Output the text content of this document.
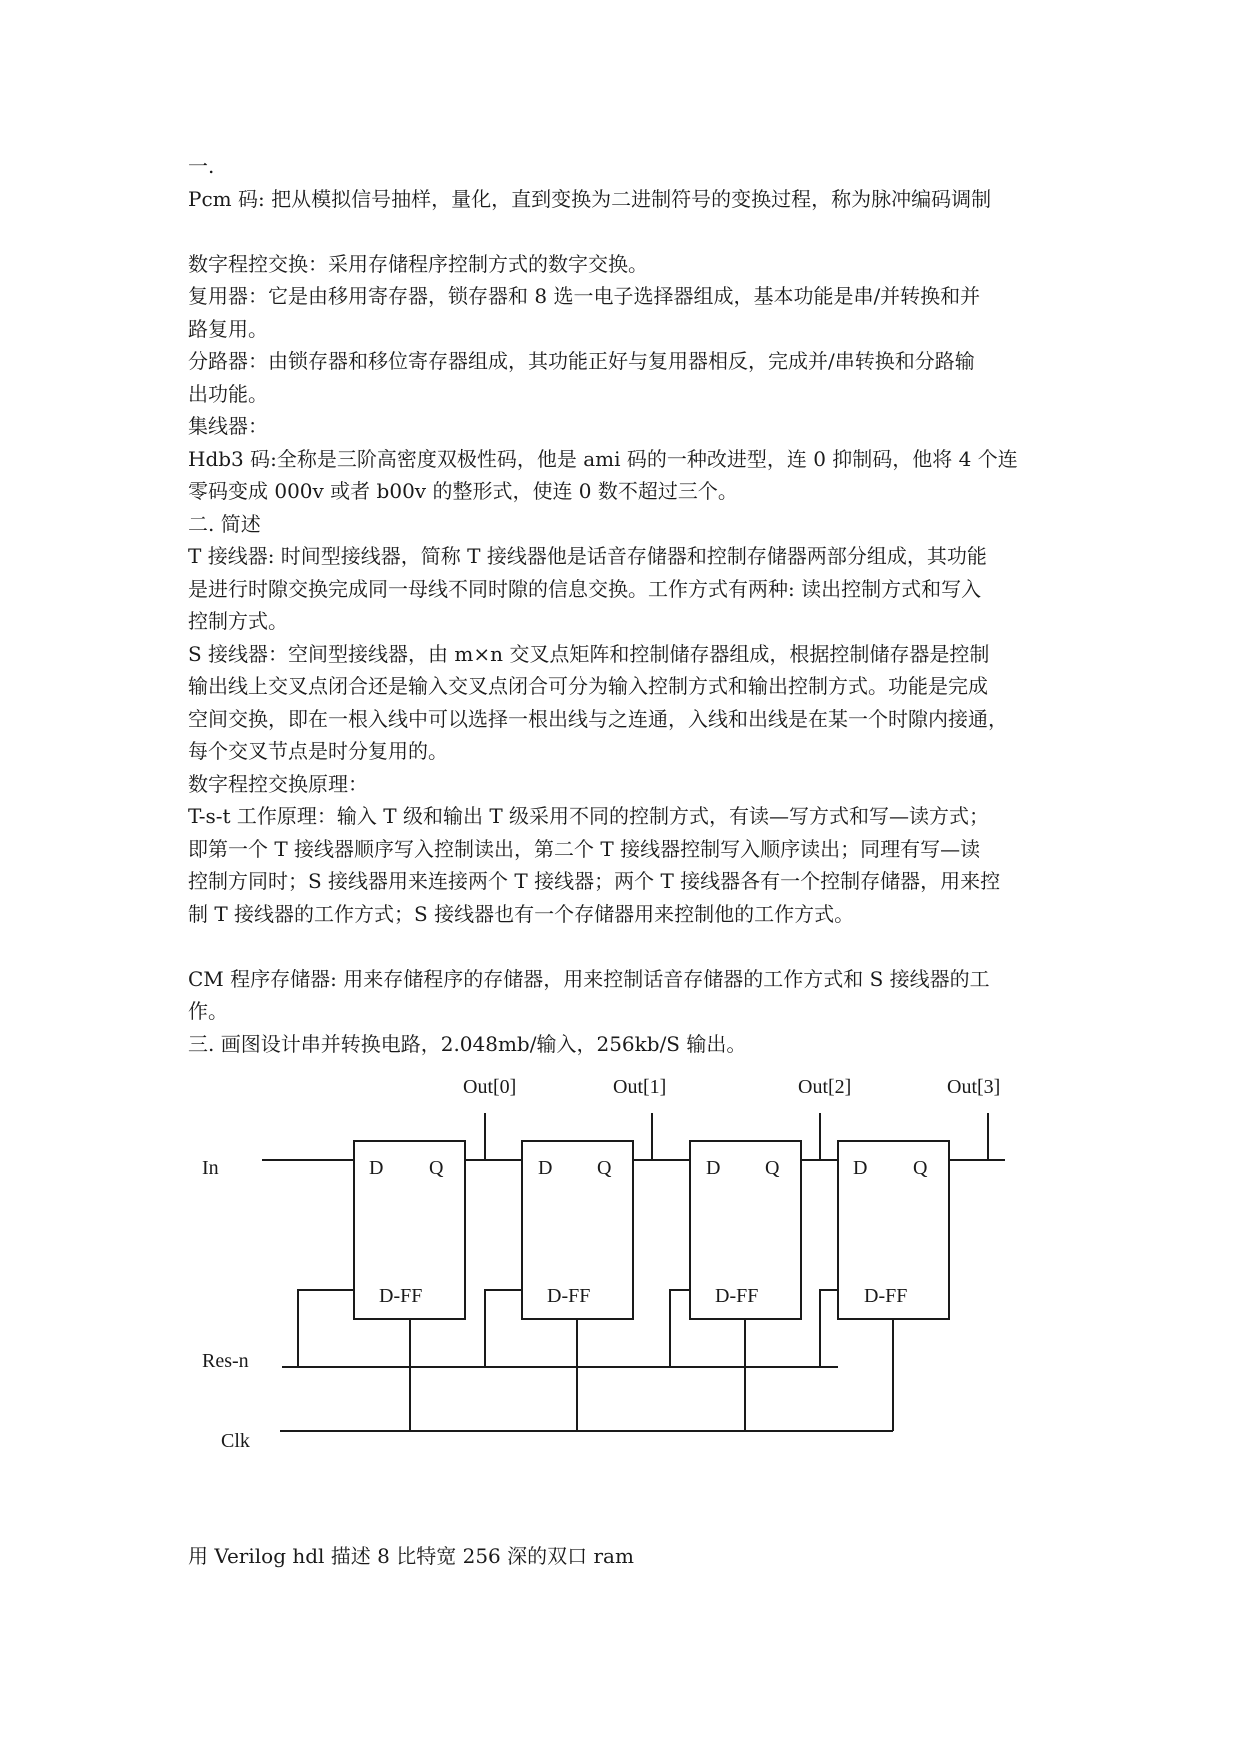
一.
Pcm 码: 把从模拟信号抽样，量化，直到变换为二进制符号的变换过程，称为脉冲编码调制
数字程控交换：采用存储程序控制方式的数字交换。
复用器：它是由移用寄存器，锁存器和 8 选一电子选择器组成，基本功能是串/并转换和并
路复用。
分路器：由锁存器和移位寄存器组成，其功能正好与复用器相反，完成并/串转换和分路输
出功能。
集线器：
Hdb3 码:全称是三阶高密度双极性码，他是 ami 码的一种改进型，连 0 抑制码，他将 4 个连
零码变成 000v 或者 b00v 的整形式，使连 0 数不超过三个。
二. 简述
T 接线器: 时间型接线器，简称 T 接线器他是话音存储器和控制存储器两部分组成，其功能
是进行时隙交换完成同一母线不同时隙的信息交换。工作方式有两种: 读出控制方式和写入
控制方式。
S 接线器：空间型接线器，由 m×n 交叉点矩阵和控制储存器组成，根据控制储存器是控制
输出线上交叉点闭合还是输入交叉点闭合可分为输入控制方式和输出控制方式。功能是完成
空间交换，即在一根入线中可以选择一根出线与之连通，入线和出线是在某一个时隙内接通，
每个交叉节点是时分复用的。
数字程控交换原理：
T-s-t 工作原理：输入 T 级和输出 T 级采用不同的控制方式，有读—写方式和写—读方式；
即第一个 T 接线器顺序写入控制读出，第二个 T 接线器控制写入顺序读出；同理有写—读
控制方同时；S 接线器用来连接两个 T 接线器；两个 T 接线器各有一个控制存储器，用来控
制 T 接线器的工作方式；S 接线器也有一个存储器用来控制他的工作方式。
CM 程序存储器: 用来存储程序的存储器，用来控制话音存储器的工作方式和 S 接线器的工
作。
三. 画图设计串并转换电路，2.048mb/输入，256kb/S 输出。
Out[0]	Out[1]	Out[2]	Out[3]
In
Res-n
Clk
D Q
D-FF
D Q
D-FF
D Q
D-FF
D Q
D-FF
用 Verilog hdl 描述 8 比特宽 256 深的双口 ram
